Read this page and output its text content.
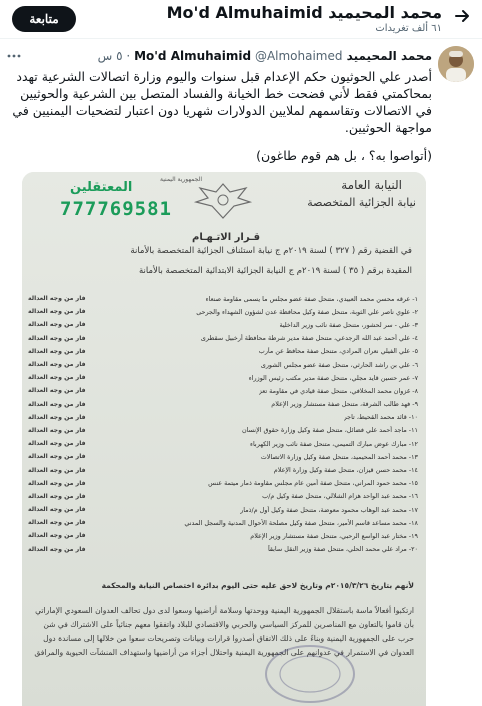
متابعة	محمد المحيميد Mo'd Almuhaimid
٦١ ألف تغريدات
محمد المحيميد Mo'd Almuhaimid @Almohaimed · ٥ س
أصدر علي الحوثيون حكم الإعدام قبل سنوات واليوم وزارة اتصالات الشرعية تهدد بمحاكمتي فقط لأني فضحت خط الخيانة والفساد المتصل بين الشرعية والحوثيين في الاتصالات وتقاسمهم لملايين الدولارات شهريا دون اعتبار لتضحيات اليمنيين في مواجهة الحوثيين.
(أتواصوا به؟ ، بل هم قوم طاغون)
المعتقلين
777769581
الجمهورية اليمنية	النيابة العامة
نيابة الجزائية المتخصصة
قـرار الاتـهـام
في القضية رقم ( ٣٢٧ ) لسنة ٢٠١٩م ج نيابة استئناف الجزائية المتخصصة بالأمانة
المقيدة برقم ( ٣٥ ) لسنة ٢٠١٩م ج النيابة الجزائية الابتدائية المتخصصة بالأمانة
١- عرقه محسن محمد العبيدي، متنحل صفة عضو مجلس ما يسمى مقاومة صنعاء
فار من وجه العدالة
٢- علوي ناصر علي الثوبة، متنحل صفة وكيل محافظة عدن لشؤون الشهداء والجرحى
فار من وجه العدالة
٣- علي - سر لحشور، متنحل صفة نائب وزير الداخلية
فار من وجه العدالة
٤- علي أحمد عبد الله الرجدعي، متنحل صفة مدير شرطة محافظة أرخبيل سقطرى
فار من وجه العدالة
٥- علي الفيلي نعران المرادي، متنحل صفة محافظ عن مأرب
فار من وجه العدالة
٦- علي بن راشد الحارثي، متنحل صفة عضو مجلس الشورى
فار من وجه العدالة
٧- عمر حسين قايد مجلي، متنحل صفة مدير مكتب رئيس الوزراء
فار من وجه العدالة
٨- غزوان محمد المخلافي، متنحل صفة قيادي في مقاومة تعز
فار من وجه العدالة
٩- فهد طالب الشرفة، متنحل صفة مستشار وزير الإعلام
فار من وجه العدالة
١٠- قائد محمد القحيط، تاجر
فار من وجه العدالة
١١- ماجد أحمد علي فضائل، متنحل صفة وكيل وزارة حقوق الإنسان
فار من وجه العدالة
١٢- مبارك عوض مبارك التميمي، متنحل صفة نائب وزير الكهرباء
فار من وجه العدالة
١٣- محمد أحمد المحيميد، متنحل صفة وكيل وزارة الاتصالات
فار من وجه العدالة
١٤- محمد حسن قيزان، متنحل صفة وكيل وزارة الإعلام
فار من وجه العدالة
١٥- محمد حمود المراني، متنحل صفة أمين عام مجلس مقاومة ذمار ميتمة عنس
فار من وجه العدالة
١٦- محمد عبد الواحد هزام الشلالي، متنحل صفة وكيل م/ب
فار من وجه العدالة
١٧- محمد عبد الوهاب محمود معوضة، متنحل صفة وكيل أول م/ذمار
فار من وجه العدالة
١٨- محمد مساعد قاسم الأمير، متنحل صفة وكيل مصلحة الأحوال المدنية والسجل المدني
فار من وجه العدالة
١٩- مختار عبد الواسع الرحبي، متنحل صفة مستشار وزير الإعلام
فار من وجه العدالة
٢٠- مراد علي محمد الحلي، متنحل صفة وزير النقل سابقاً
فار من وجه العدالة
لأنهم بتاريخ ٢٠١٥/٣/٢٦م وتاريخ لاحق عليه حتى اليوم بدائرة اختصاص النيابة والمحكمة
ارتكبوا أفعالاً ماسة باستقلال الجمهورية اليمنية ووحدتها وسلامة أراضيها وسعوا لدى دول تحالف العدوان السعودي الإماراتي بأن قاموا بالتعاون مع المناصرين للمركز السياسي والحربي والاقتصادي للبلاد واتفقوا معهم جنائياً على الاشتراك في شن حرب على الجمهورية اليمنية وبناءً على ذلك الاتفاق أصدروا قرارات وبيانات وتصريحات سعوا من خلالها إلى مساندة دول العدوان في الاستمرار في عدوانهم على الجمهورية اليمنية واحتلال أجزاء من أراضيها واستهداف المنشآت الحيوية والمرافق
